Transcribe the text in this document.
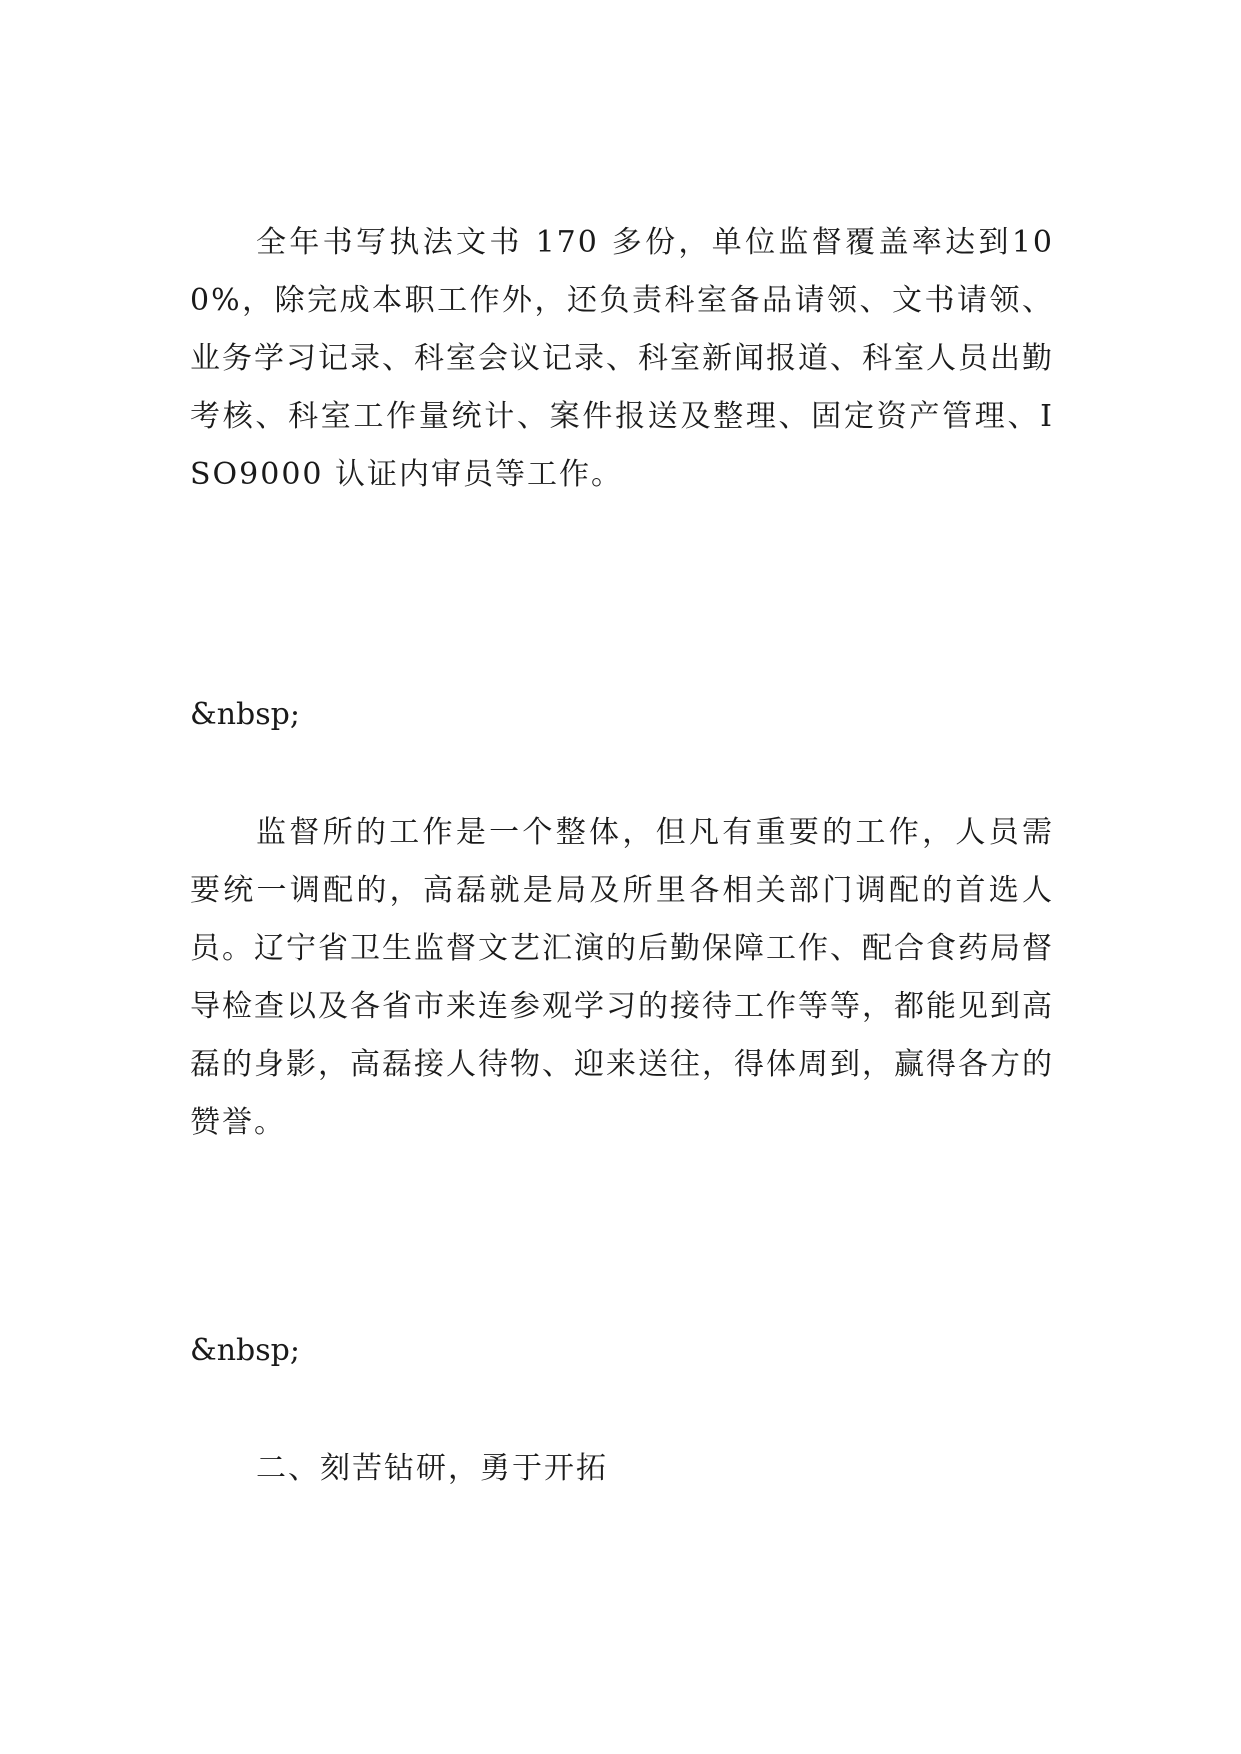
全年书写执法文书 170 多份，单位监督覆盖率达到100%，除完成本职工作外，还负责科室备品请领、文书请领、业务学习记录、科室会议记录、科室新闻报道、科室人员出勤考核、科室工作量统计、案件报送及整理、固定资产管理、ISO9000 认证内审员等工作。

&nbsp;

监督所的工作是一个整体，但凡有重要的工作，人员需要统一调配的，高磊就是局及所里各相关部门调配的首选人员。辽宁省卫生监督文艺汇演的后勤保障工作、配合食药局督导检查以及各省市来连参观学习的接待工作等等，都能见到高磊的身影，高磊接人待物、迎来送往，得体周到，赢得各方的赞誉。

&nbsp;

二、刻苦钻研，勇于开拓
